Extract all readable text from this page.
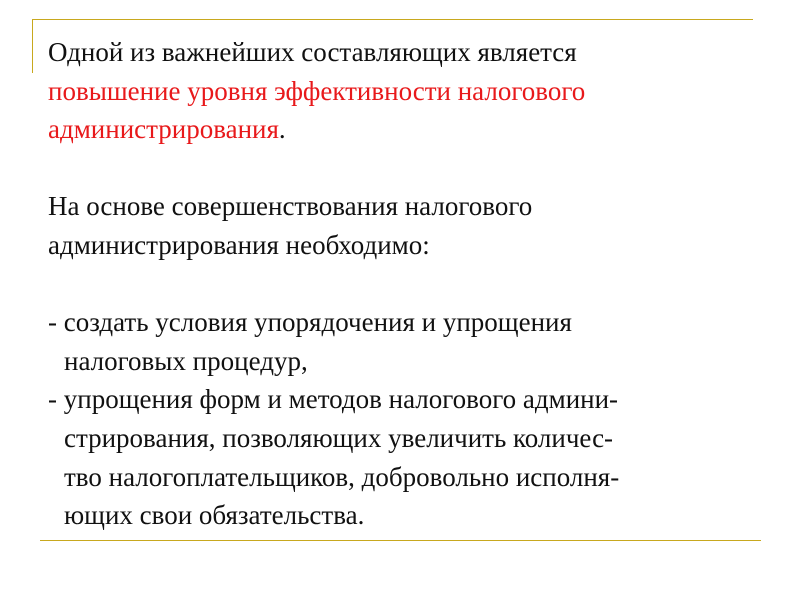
Одной из важнейших составляющих является
повышение уровня эффективности налогового
администрирования.
На основе совершенствования налогового
администрирования необходимо:
- создать условия упорядочения и упрощения
налоговых процедур,
- упрощения форм и методов налогового админи-
стрирования, позволяющих увеличить количес-
тво налогоплательщиков, добровольно исполня-
ющих свои обязательства.
